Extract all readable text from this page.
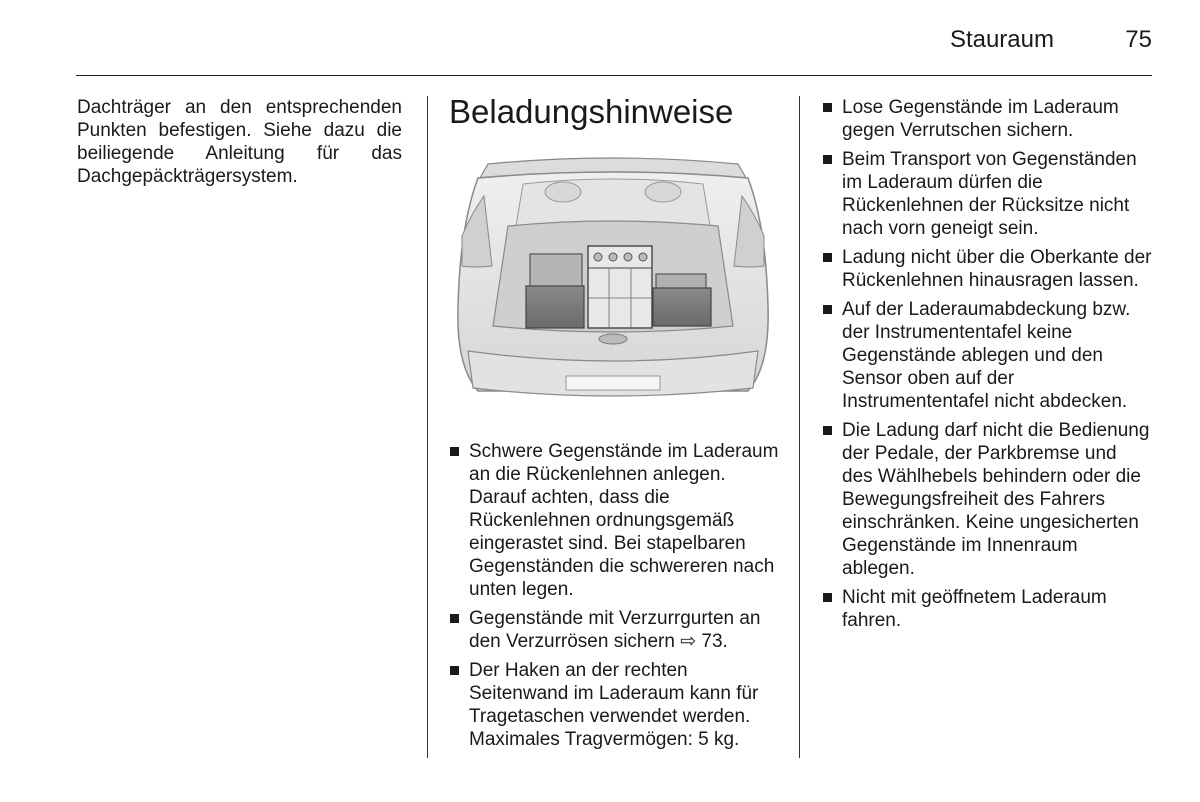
Stauraum	75

Dachträger an den entsprechenden Punkten befestigen. Siehe dazu die beiliegende Anleitung für das Dachgepäckträgersystem.

Beladungshinweise
Schwere Gegenstände im Laderaum an die Rückenlehnen anlegen. Darauf achten, dass die Rückenlehnen ordnungsgemäß eingerastet sind. Bei stapelbaren Gegenständen die schwereren nach unten legen.
Gegenstände mit Verzurrgurten an den Verzurrösen sichern ⇨ 73.
Der Haken an der rechten Seitenwand im Laderaum kann für Tragetaschen verwendet werden. Maximales Tragvermögen: 5 kg.
Lose Gegenstände im Laderaum gegen Verrutschen sichern.
Beim Transport von Gegenständen im Laderaum dürfen die Rückenlehnen der Rücksitze nicht nach vorn geneigt sein.
Ladung nicht über die Oberkante der Rückenlehnen hinausragen lassen.
Auf der Laderaumabdeckung bzw. der Instrumententafel keine Gegenstände ablegen und den Sensor oben auf der Instrumententafel nicht abdecken.
Die Ladung darf nicht die Bedienung der Pedale, der Parkbremse und des Wählhebels behindern oder die Bewegungsfreiheit des Fahrers einschränken. Keine ungesicherten Gegenstände im Innenraum ablegen.
Nicht mit geöffnetem Laderaum fahren.
